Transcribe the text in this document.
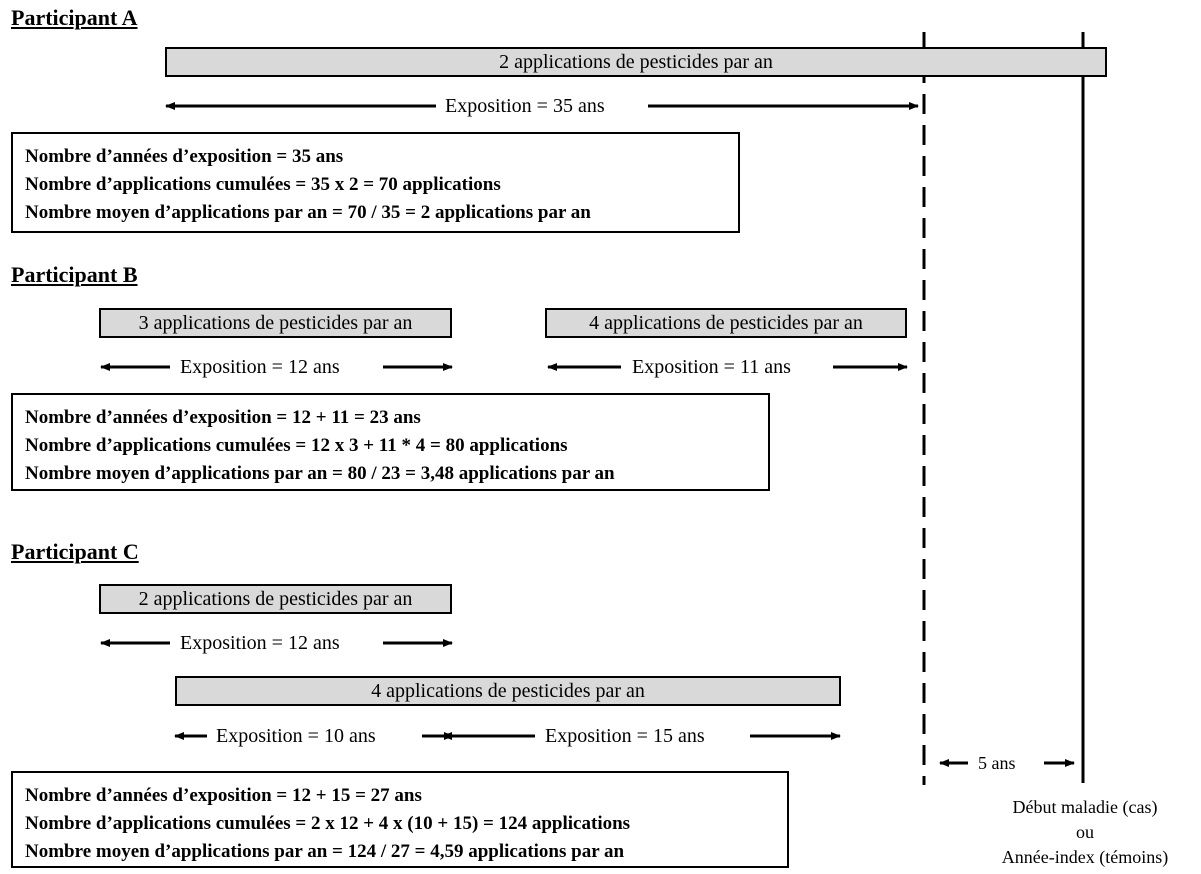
Participant A
2 applications de pesticides par an
Exposition = 35 ans
Nombre d’années d’exposition = 35 ans
Nombre d’applications cumulées = 35 x 2 = 70 applications
Nombre moyen d’applications par an = 70 / 35 = 2 applications par an
Participant B
3 applications de pesticides par an	4 applications de pesticides par an
Exposition = 12 ans	Exposition = 11 ans
Nombre d’années d’exposition = 12 + 11 = 23 ans
Nombre d’applications cumulées = 12 x 3 + 11 * 4 = 80 applications
Nombre moyen d’applications par an = 80 / 23 = 3,48 applications par an
Participant C
2 applications de pesticides par an
Exposition = 12 ans
4 applications de pesticides par an
Exposition = 10 ans	Exposition = 15 ans
Nombre d’années d’exposition = 12 + 15 = 27 ans
Nombre d’applications cumulées = 2 x 12 + 4 x (10 + 15) = 124 applications
Nombre moyen d’applications par an = 124 / 27 = 4,59 applications par an
5 ans
Début maladie (cas)
ou
Année-index (témoins)
